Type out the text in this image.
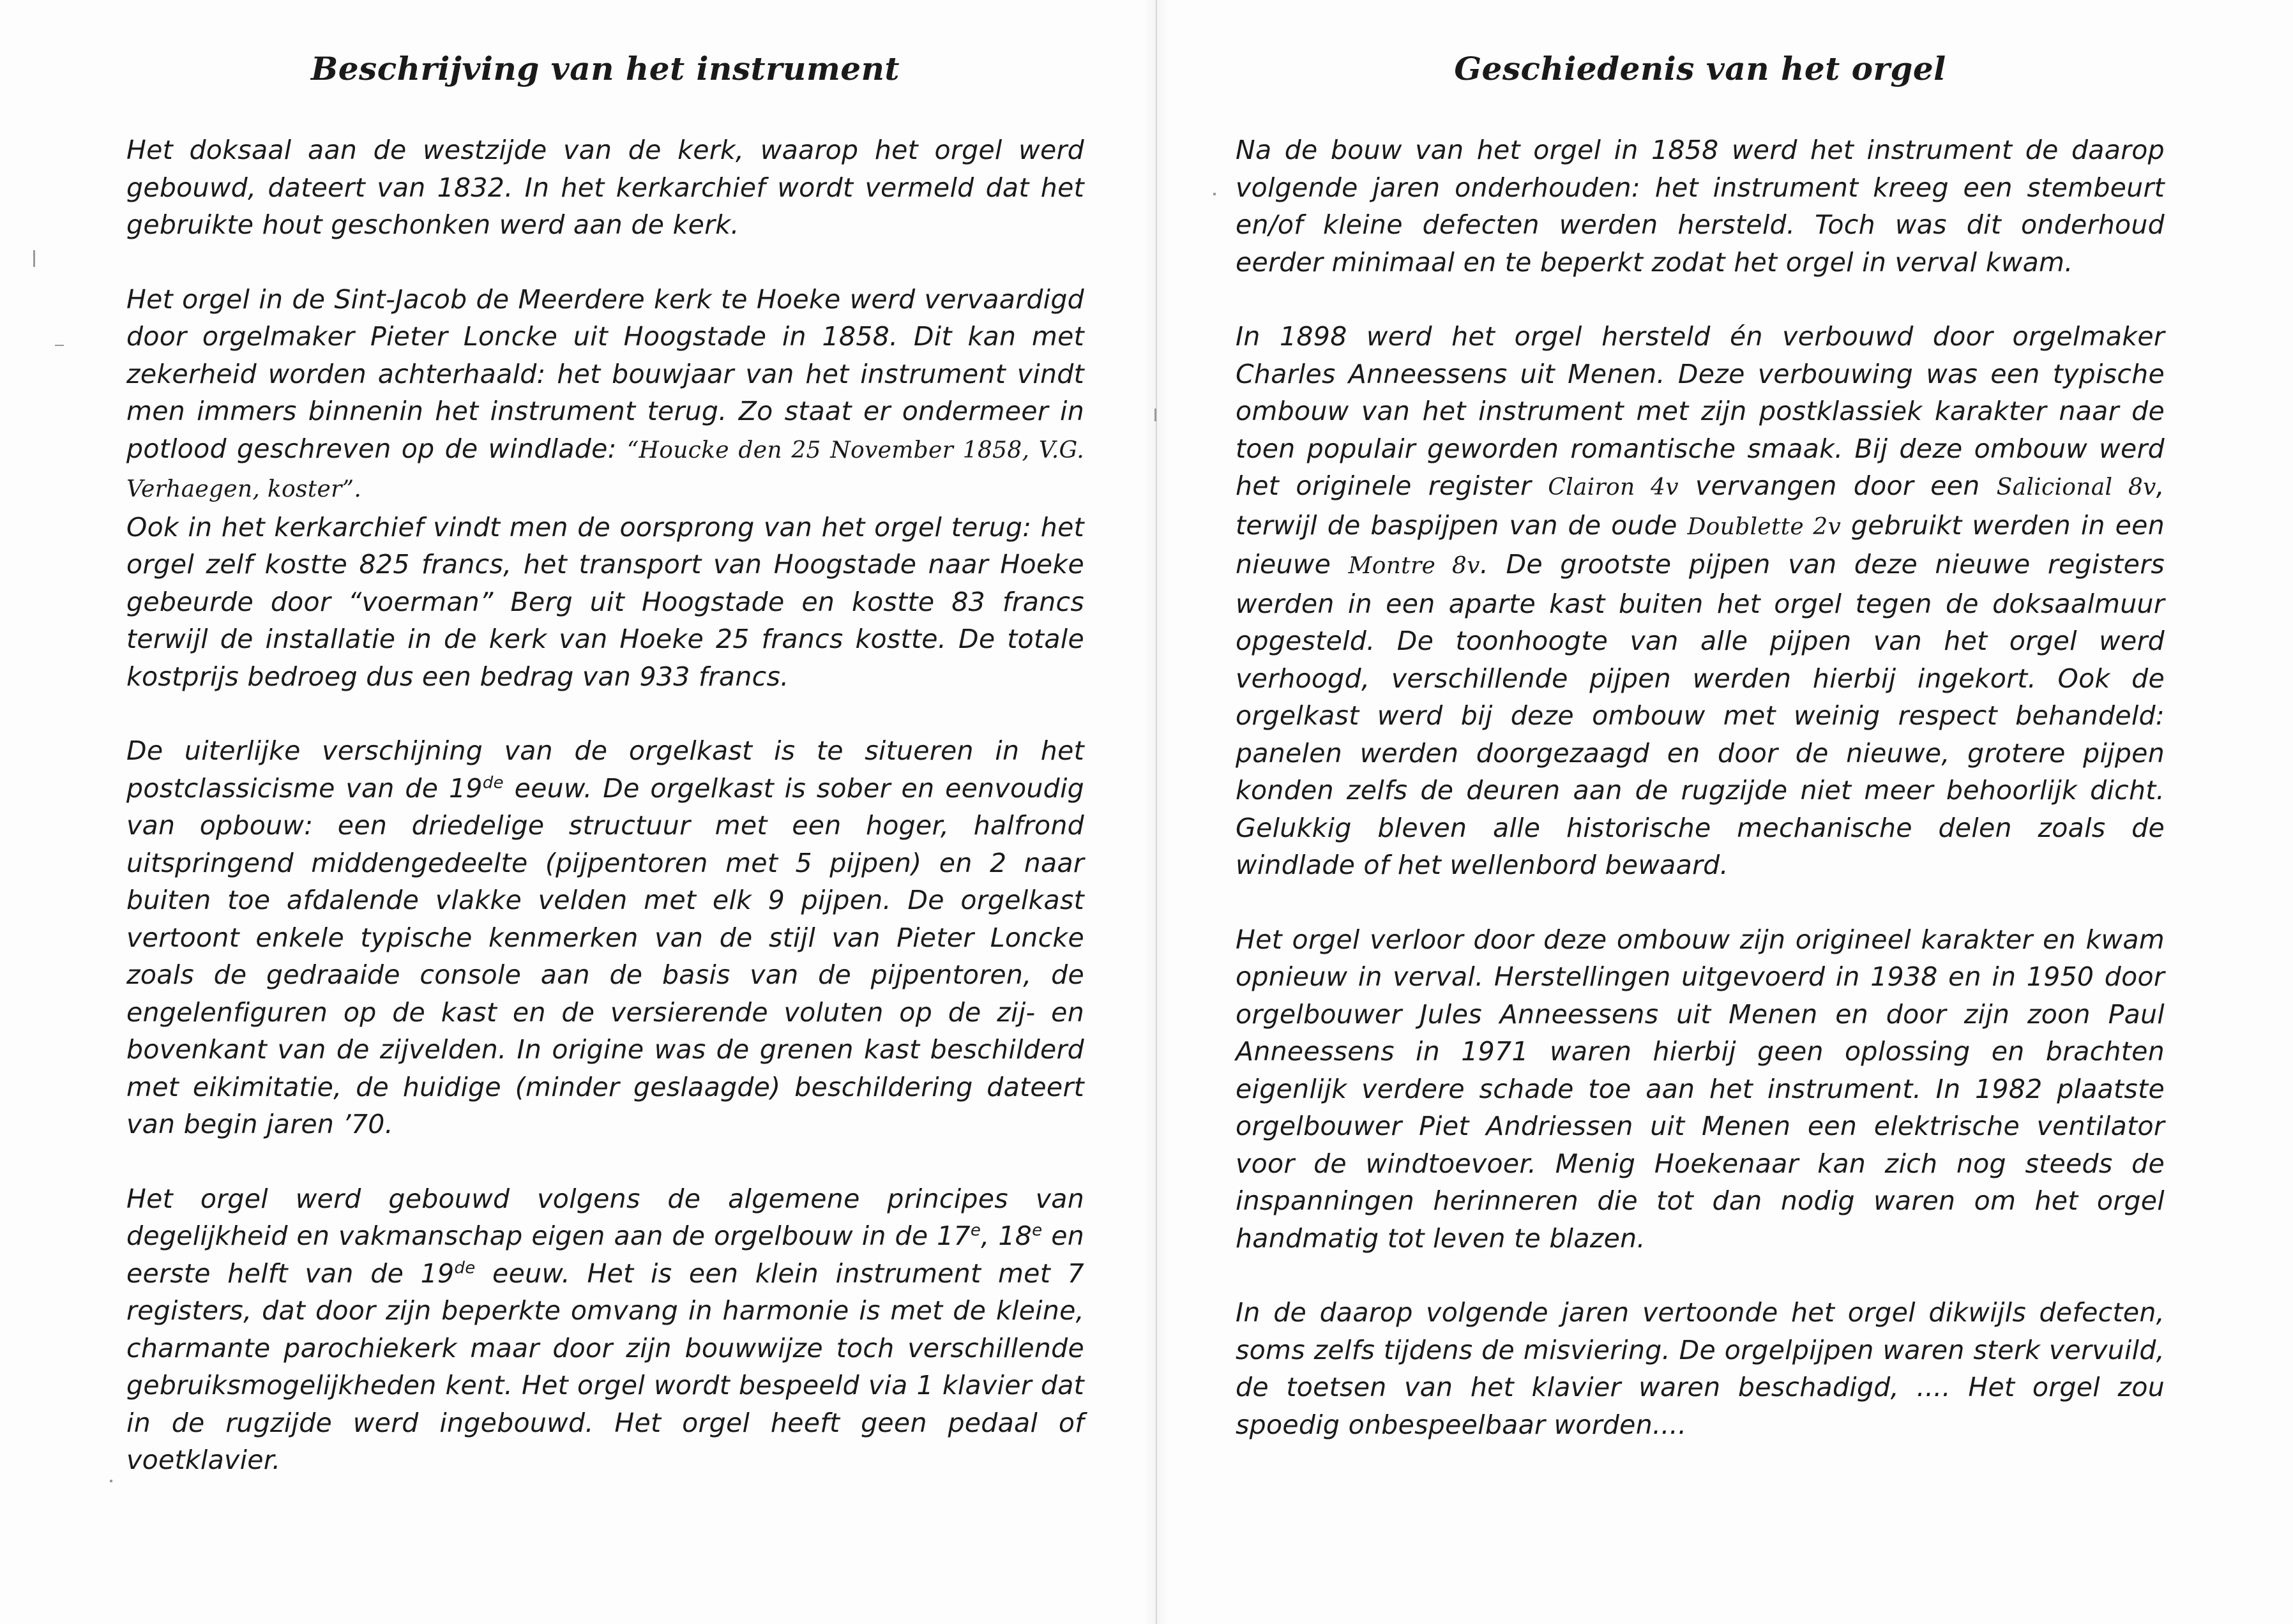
Beschrijving van het instrument

Het doksaal aan de westzijde van de kerk, waarop het orgel werd gebouwd, dateert van 1832. In het kerkarchief wordt vermeld dat het gebruikte hout geschonken werd aan de kerk.

Het orgel in de Sint-Jacob de Meerdere kerk te Hoeke werd vervaardigd door orgelmaker Pieter Loncke uit Hoogstade in 1858. Dit kan met zekerheid worden achterhaald: het bouwjaar van het instrument vindt men immers binnenin het instrument terug. Zo staat er ondermeer in potlood geschreven op de windlade: “Houcke den 25 November 1858, V.G. Verhaegen, koster”.

Ook in het kerkarchief vindt men de oorsprong van het orgel terug: het orgel zelf kostte 825 francs, het transport van Hoogstade naar Hoeke gebeurde door “voerman” Berg uit Hoogstade en kostte 83 francs terwijl de installatie in de kerk van Hoeke 25 francs kostte. De totale kostprijs bedroeg dus een bedrag van 933 francs.

De uiterlijke verschijning van de orgelkast is te situeren in het postclassicisme van de 19de eeuw. De orgelkast is sober en eenvoudig van opbouw: een driedelige structuur met een hoger, halfrond uitspringend middengedeelte (pijpentoren met 5 pijpen) en 2 naar buiten toe afdalende vlakke velden met elk 9 pijpen. De orgelkast vertoont enkele typische kenmerken van de stijl van Pieter Loncke zoals de gedraaide console aan de basis van de pijpentoren, de engelenfiguren op de kast en de versierende voluten op de zij- en bovenkant van de zijvelden. In origine was de grenen kast beschilderd met eikimitatie, de huidige (minder geslaagde) beschildering dateert van begin jaren ’70.

Het orgel werd gebouwd volgens de algemene principes van degelijkheid en vakmanschap eigen aan de orgelbouw in de 17e, 18e en eerste helft van de 19de eeuw. Het is een klein instrument met 7 registers, dat door zijn beperkte omvang in harmonie is met de kleine, charmante parochiekerk maar door zijn bouwwijze toch verschillende gebruiksmogelijkheden kent. Het orgel wordt bespeeld via 1 klavier dat in de rugzijde werd ingebouwd. Het orgel heeft geen pedaal of voetklavier.

Geschiedenis van het orgel

Na de bouw van het orgel in 1858 werd het instrument de daarop volgende jaren onderhouden: het instrument kreeg een stembeurt en/of kleine defecten werden hersteld. Toch was dit onderhoud eerder minimaal en te beperkt zodat het orgel in verval kwam.

In 1898 werd het orgel hersteld én verbouwd door orgelmaker Charles Anneessens uit Menen. Deze verbouwing was een typische ombouw van het instrument met zijn postklassiek karakter naar de toen populair geworden romantische smaak. Bij deze ombouw werd het originele register Clairon 4v vervangen door een Salicional 8v, terwijl de baspijpen van de oude Doublette 2v gebruikt werden in een nieuwe Montre 8v. De grootste pijpen van deze nieuwe registers werden in een aparte kast buiten het orgel tegen de doksaalmuur opgesteld. De toonhoogte van alle pijpen van het orgel werd verhoogd, verschillende pijpen werden hierbij ingekort. Ook de orgelkast werd bij deze ombouw met weinig respect behandeld: panelen werden doorgezaagd en door de nieuwe, grotere pijpen konden zelfs de deuren aan de rugzijde niet meer behoorlijk dicht. Gelukkig bleven alle historische mechanische delen zoals de windlade of het wellenbord bewaard.

Het orgel verloor door deze ombouw zijn origineel karakter en kwam opnieuw in verval. Herstellingen uitgevoerd in 1938 en in 1950 door orgelbouwer Jules Anneessens uit Menen en door zijn zoon Paul Anneessens in 1971 waren hierbij geen oplossing en brachten eigenlijk verdere schade toe aan het instrument. In 1982 plaatste orgelbouwer Piet Andriessen uit Menen een elektrische ventilator voor de windtoevoer. Menig Hoekenaar kan zich nog steeds de inspanningen herinneren die tot dan nodig waren om het orgel handmatig tot leven te blazen.

In de daarop volgende jaren vertoonde het orgel dikwijls defecten, soms zelfs tijdens de misviering. De orgelpijpen waren sterk vervuild, de toetsen van het klavier waren beschadigd, .... Het orgel zou spoedig onbespeelbaar worden....
